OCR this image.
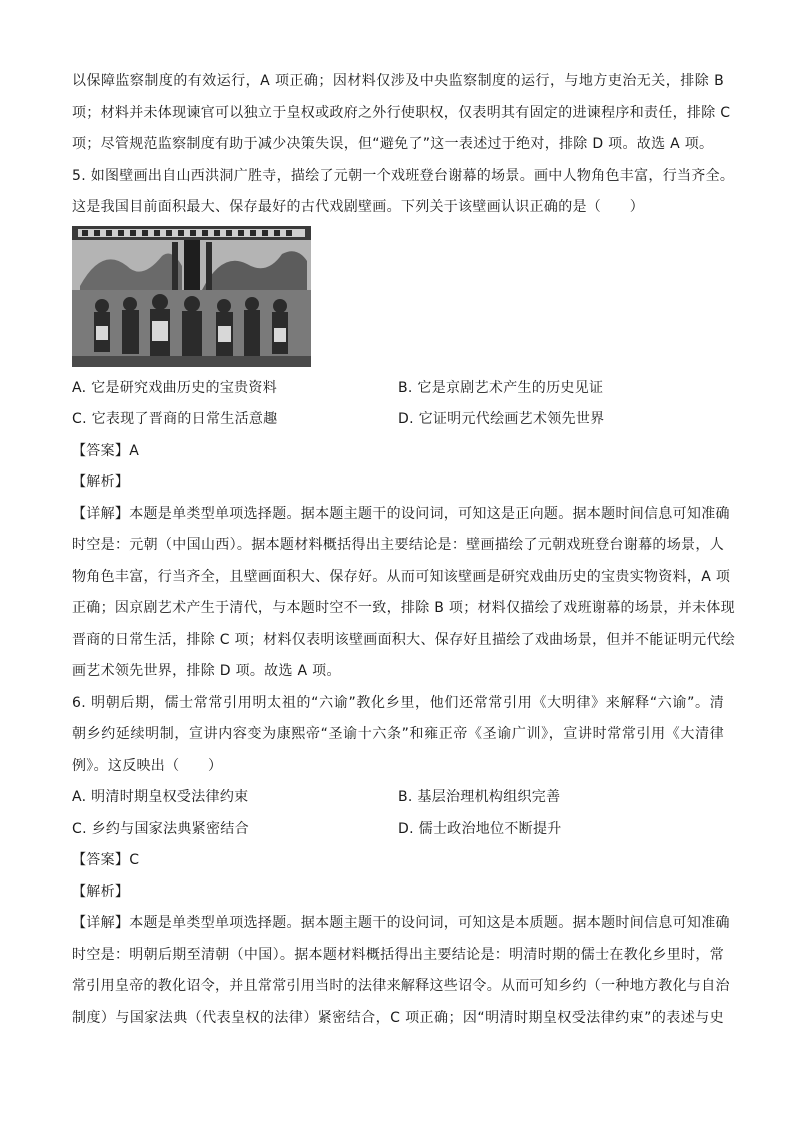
以保障监察制度的有效运行，A 项正确；因材料仅涉及中央监察制度的运行，与地方吏治无关，排除 B
项；材料并未体现谏官可以独立于皇权或政府之外行使职权，仅表明其有固定的进谏程序和责任，排除 C
项；尽管规范监察制度有助于减少决策失误，但“避免了”这一表述过于绝对，排除 D 项。故选 A 项。
5. 如图壁画出自山西洪洞广胜寺，描绘了元朝一个戏班登台谢幕的场景。画中人物角色丰富，行当齐全。
这是我国目前面积最大、保存最好的古代戏剧壁画。下列关于该壁画认识正确的是（　　）
A. 它是研究戏曲历史的宝贵资料	B. 它是京剧艺术产生的历史见证
C. 它表现了晋商的日常生活意趣	D. 它证明元代绘画艺术领先世界
【答案】A
【解析】
【详解】本题是单类型单项选择题。据本题主题干的设问词，可知这是正向题。据本题时间信息可知准确
时空是：元朝（中国山西）。据本题材料概括得出主要结论是：壁画描绘了元朝戏班登台谢幕的场景，人
物角色丰富，行当齐全，且壁画面积大、保存好。从而可知该壁画是研究戏曲历史的宝贵实物资料，A 项
正确；因京剧艺术产生于清代，与本题时空不一致，排除 B 项；材料仅描绘了戏班谢幕的场景，并未体现
晋商的日常生活，排除 C 项；材料仅表明该壁画面积大、保存好且描绘了戏曲场景，但并不能证明元代绘
画艺术领先世界，排除 D 项。故选 A 项。
6. 明朝后期，儒士常常引用明太祖的“六谕”教化乡里，他们还常常引用《大明律》来解释“六谕”。清
朝乡约延续明制，宣讲内容变为康熙帝“圣谕十六条”和雍正帝《圣谕广训》，宣讲时常常引用《大清律
例》。这反映出（　　）
A. 明清时期皇权受法律约束	B. 基层治理机构组织完善
C. 乡约与国家法典紧密结合	D. 儒士政治地位不断提升
【答案】C
【解析】
【详解】本题是单类型单项选择题。据本题主题干的设问词，可知这是本质题。据本题时间信息可知准确
时空是：明朝后期至清朝（中国）。据本题材料概括得出主要结论是：明清时期的儒士在教化乡里时，常
常引用皇帝的教化诏令，并且常常引用当时的法律来解释这些诏令。从而可知乡约（一种地方教化与自治
制度）与国家法典（代表皇权的法律）紧密结合，C 项正确；因“明清时期皇权受法律约束”的表述与史
